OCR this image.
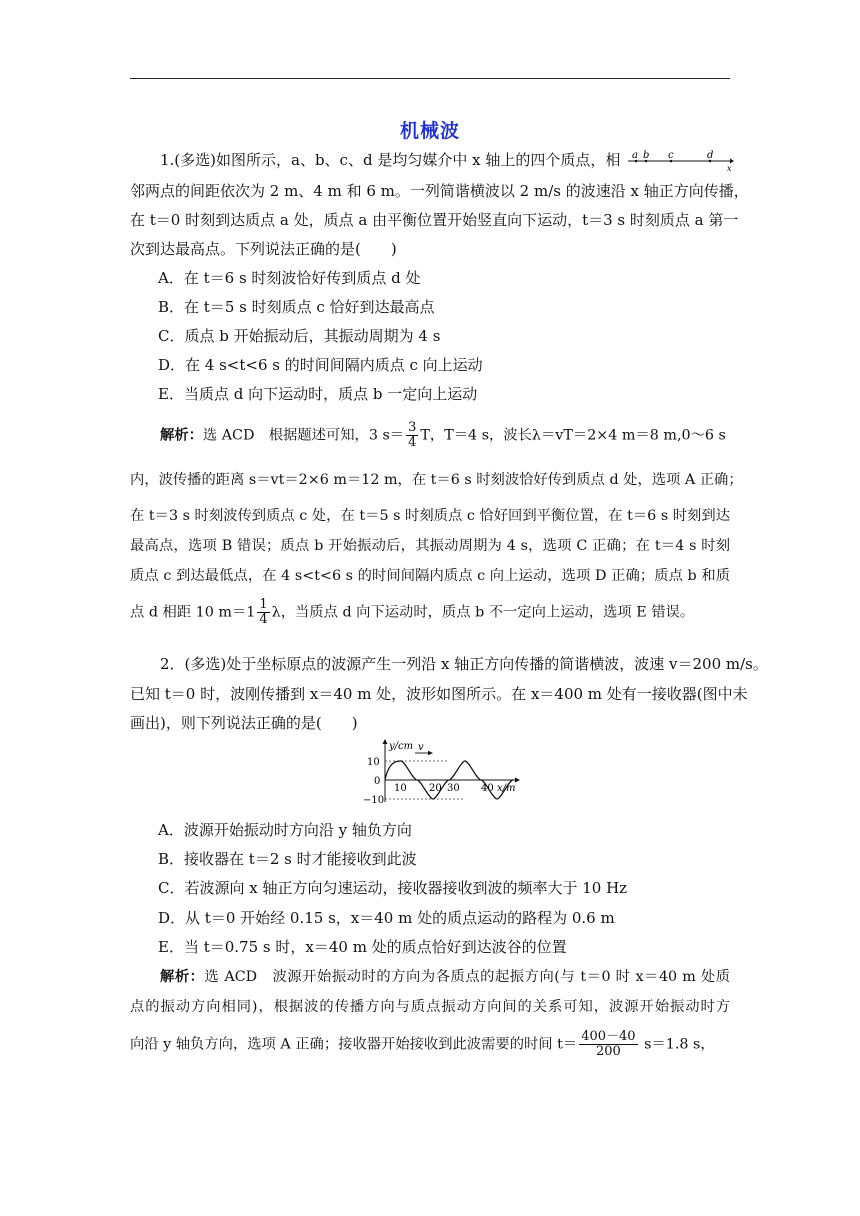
机械波
1.(多选)如图所示，a、b、c、d 是均匀媒介中 x 轴上的四个质点，相	a b c	d
x
邻两点的间距依次为 2 m、4 m 和 6 m。一列简谐横波以 2 m/s 的波速沿 x 轴正方向传播，
在 t＝0 时刻到达质点 a 处，质点 a 由平衡位置开始竖直向下运动，t＝3 s 时刻质点 a 第一
次到达最高点。下列说法正确的是(　　)
A．在 t＝6 s 时刻波恰好传到质点 d 处
B．在 t＝5 s 时刻质点 c 恰好到达最高点
C．质点 b 开始振动后，其振动周期为 4 s
D．在 4 s<t<6 s 的时间间隔内质点 c 向上运动
E．当质点 d 向下运动时，质点 b 一定向上运动
解析：选 ACD　根据题述可知，3 $s= \frac{3}{4}$ T，T＝4 s，波长λ＝vT＝2×4 m＝8 m,0～6 s
内，波传播的距离 s＝vt＝2×6 m＝12 m，在 t＝6 s 时刻波恰好传到质点 d 处，选项 A 正确；
在 t＝3 s 时刻波传到质点 c 处，在 t＝5 s 时刻质点 c 恰好回到平衡位置，在 t＝6 s 时刻到达
最高点，选项 B 错误；质点 b 开始振动后，其振动周期为 4 s，选项 C 正确；在 t＝4 s 时刻
质点 c 到达最低点，在 4 s<t<6 s 的时间间隔内质点 c 向上运动，选项 D 正确；质点 b 和质
点 d 相距 10 $m=1 \frac{1}{4}$ λ，当质点 d 向下运动时，质点 b 不一定向上运动，选项 E 错误。
2．(多选)处于坐标原点的波源产生一列沿 x 轴正方向传播的简谐横波，波速 v＝200 m/s。
已知 t＝0 时，波刚传播到 x＝40 m 处，波形如图所示。在 x＝400 m 处有一接收器(图中未
画出)，则下列说法正确的是(　　)
v
y/cm
10
0
−10
10 20 30 40 x/m
A．波源开始振动时方向沿 y 轴负方向
B．接收器在 t＝2 s 时才能接收到此波
C．若波源向 x 轴正方向匀速运动，接收器接收到波的频率大于 10 Hz
D．从 t＝0 开始经 0.15 s，x＝40 m 处的质点运动的路程为 0.6 m
E．当 t＝0.75 s 时，x＝40 m 处的质点恰好到达波谷的位置
解析：选 ACD　波源开始振动时的方向为各质点的起振方向(与 t＝0 时 x＝40 m 处质
点的振动方向相同)，根据波的传播方向与质点振动方向间的关系可知，波源开始振动时方
向沿 y 轴负方向，选项 A 正确；接收器开始接收到此波需要的时间 $t= \frac{400-40}{200} s=1.8$ s，
